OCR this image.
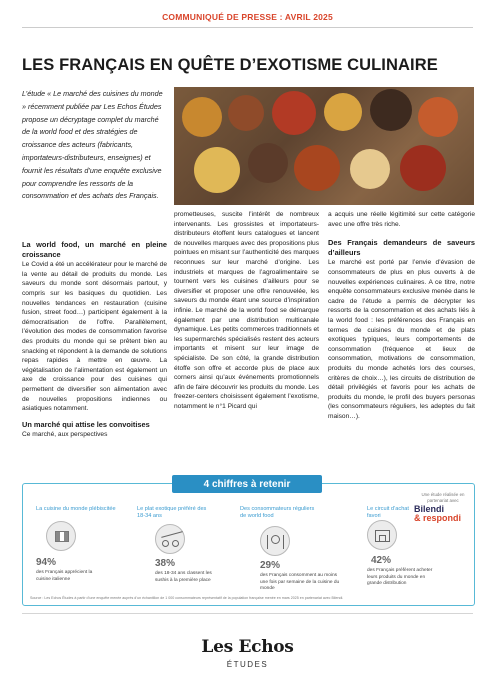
COMMUNIQUÉ DE PRESSE : AVRIL 2025
LES FRANÇAIS EN QUÊTE D’EXOTISME CULINAIRE

L’étude « Le marché des cuisines du monde » récemment publiée par Les Echos Études propose un décryptage complet du marché de la world food et des stratégies de croissance des acteurs (fabricants, importateurs-distributeurs, enseignes) et fournit les résultats d’une enquête exclusive pour comprendre les ressorts de la consommation et des achats des Français.

La world food, un marché en pleine croissance

Le Covid a été un accélérateur pour le marché de la vente au détail de produits du monde. Les saveurs du monde sont désormais partout, y compris sur les basiques du quotidien. Les nouvelles tendances en restauration (cuisine fusion, street food…) participent également à la démocratisation de l’offre. Parallèlement, l’évolution des modes de consommation favorise des produits du monde qui se prêtent bien au snacking et répondent à la demande de solutions repas rapides à mettre en œuvre. La végétalisation de l’alimentation est également un axe de croissance pour des cuisines qui permettent de diversifier son alimentation avec de nouvelles propositions indiennes ou asiatiques notamment.

Un marché qui attise les convoitises

Ce marché, aux perspectives

prometteuses, suscite l’intérêt de nombreux intervenants. Les grossistes et importateurs-distributeurs étoffent leurs catalogues et lancent de nouvelles marques avec des propositions plus pointues en misant sur l’authenticité des marques reconnues sur leur marché d’origine. Les industriels et marques de l’agroalimentaire se tournent vers les cuisines d’ailleurs pour se diversifier et proposer une offre renouvelée, les saveurs du monde étant une source d’inspiration infinie. Le marché de la world food se démarque également par une distribution multicanale dynamique. Les petits commerces traditionnels et les supermarchés spécialisés restent des acteurs importants et misent sur leur image de spécialiste. De son côté, la grande distribution étoffe son offre et accorde plus de place aux corners ainsi qu’aux événements promotionnels afin de faire découvrir les produits du monde. Les freezer-centers choisissent également l’exotisme, notamment le n°1 Picard qui

a acquis une réelle légitimité sur cette catégorie avec une offre très riche.

Des Français demandeurs de saveurs d’ailleurs

Le marché est porté par l’envie d’évasion de consommateurs de plus en plus ouverts à de nouvelles expériences culinaires. A ce titre, notre enquête consommateurs exclusive menée dans le cadre de l’étude a permis de décrypter les ressorts de la consommation et des achats liés à la world food : les préférences des Français en termes de cuisines du monde et de plats exotiques typiques, leurs comportements de consommation (fréquence et lieux de consommation, motivations de consommation, produits du monde achetés lors des courses, critères de choix…), les circuits de distribution de détail privilégiés et favoris pour les achats de produits du monde, le profil des buyers personas (les consommateurs réguliers, les adeptes du fait maison…).

4 chiffres à retenir
La cuisine du monde plébiscitée
94%
des Français apprécient la cuisine italienne
Le plat exotique préféré des 18-34 ans
38%
des 18-34 ans classent les sushis à la première place
Des consommateurs réguliers de world food
29%
des Français consomment au moins une fois par semaine de la cuisine du monde
Le circuit d’achat favori
42%
des Français préfèrent acheter leurs produits du monde en grande distribution
Une étude réalisée en partenariat avec
Bilendi
& respondi
Source : Les Echos Études à partir d’une enquête menée auprès d’un échantillon de 1 000 consommateurs représentatif de la population française menée en mars 2025 en partenariat avec Bilendi.
Les Echos
ÉTUDES
